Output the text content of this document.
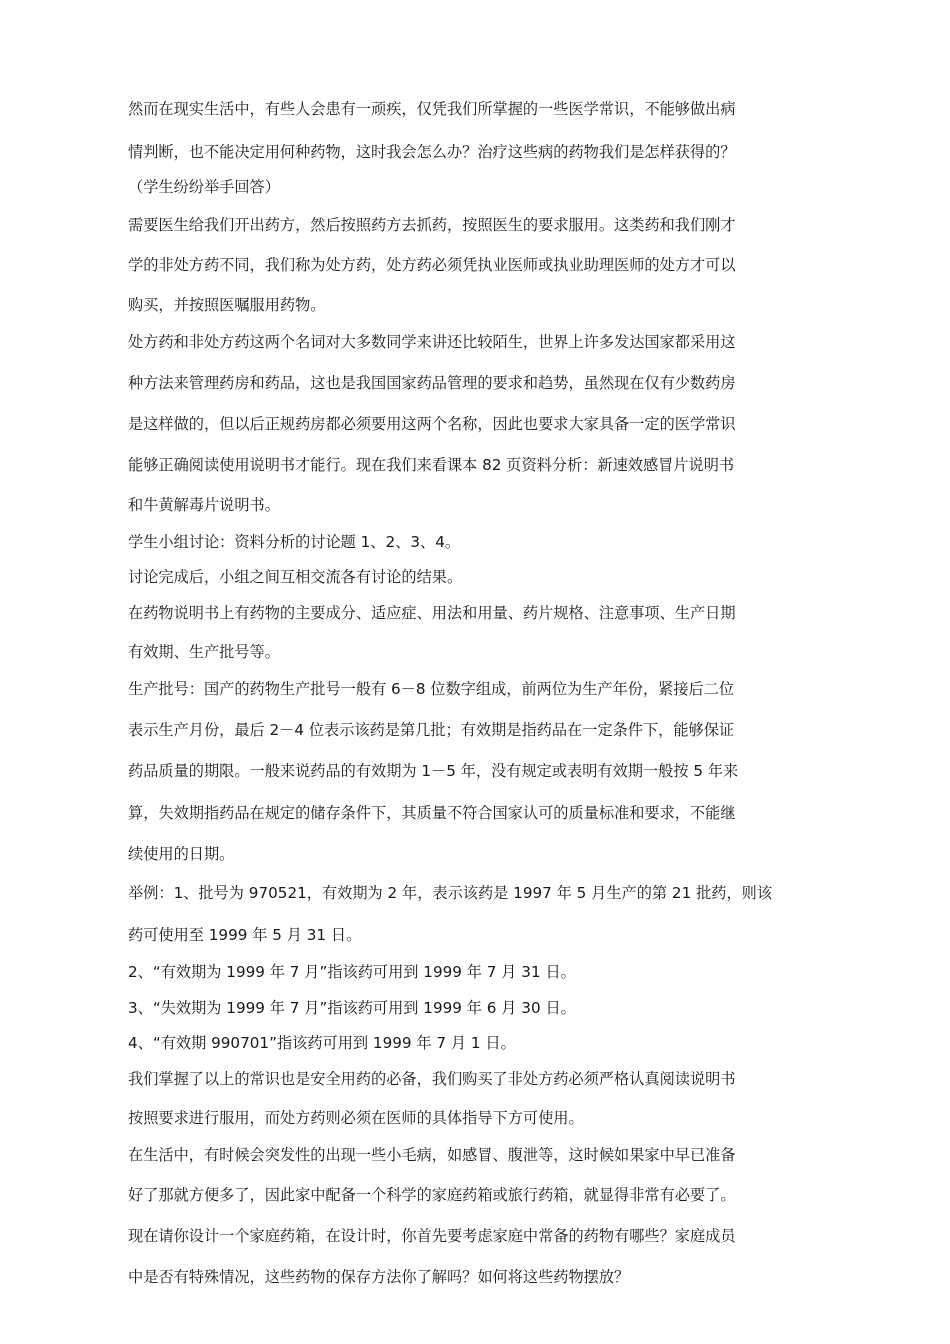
然而在现实生活中，有些人会患有一顽疾，仅凭我们所掌握的一些医学常识，不能够做出病
情判断，也不能决定用何种药物，这时我会怎么办？治疗这些病的药物我们是怎样获得的？
（学生纷纷举手回答）
需要医生给我们开出药方，然后按照药方去抓药，按照医生的要求服用。这类药和我们刚才
学的非处方药不同，我们称为处方药，处方药必须凭执业医师或执业助理医师的处方才可以
购买，并按照医嘱服用药物。
处方药和非处方药这两个名词对大多数同学来讲还比较陌生，世界上许多发达国家都采用这
种方法来管理药房和药品，这也是我国国家药品管理的要求和趋势，虽然现在仅有少数药房
是这样做的，但以后正规药房都必须要用这两个名称，因此也要求大家具备一定的医学常识
能够正确阅读使用说明书才能行。现在我们来看课本 82 页资料分析：新速效感冒片说明书
和牛黄解毒片说明书。
学生小组讨论：资料分析的讨论题 1、2、3、4。
讨论完成后，小组之间互相交流各有讨论的结果。
在药物说明书上有药物的主要成分、适应症、用法和用量、药片规格、注意事项、生产日期
有效期、生产批号等。
生产批号：国产的药物生产批号一般有 6－8 位数字组成，前两位为生产年份，紧接后二位
表示生产月份，最后 2－4 位表示该药是第几批；有效期是指药品在一定条件下，能够保证
药品质量的期限。一般来说药品的有效期为 1－5 年，没有规定或表明有效期一般按 5 年来
算，失效期指药品在规定的储存条件下，其质量不符合国家认可的质量标准和要求，不能继
续使用的日期。
举例：1、批号为 970521，有效期为 2 年，表示该药是 1997 年 5 月生产的第 21 批药，则该
药可使用至 1999 年 5 月 31 日。
2、“有效期为 1999 年 7 月”指该药可用到 1999 年 7 月 31 日。
3、“失效期为 1999 年 7 月”指该药可用到 1999 年 6 月 30 日。
4、“有效期 990701”指该药可用到 1999 年 7 月 1 日。
我们掌握了以上的常识也是安全用药的必备，我们购买了非处方药必须严格认真阅读说明书
按照要求进行服用，而处方药则必须在医师的具体指导下方可使用。
在生活中，有时候会突发性的出现一些小毛病，如感冒、腹泄等，这时候如果家中早已准备
好了那就方便多了，因此家中配备一个科学的家庭药箱或旅行药箱，就显得非常有必要了。
现在请你设计一个家庭药箱，在设计时，你首先要考虑家庭中常备的药物有哪些？家庭成员
中是否有特殊情况，这些药物的保存方法你了解吗？如何将这些药物摆放？
